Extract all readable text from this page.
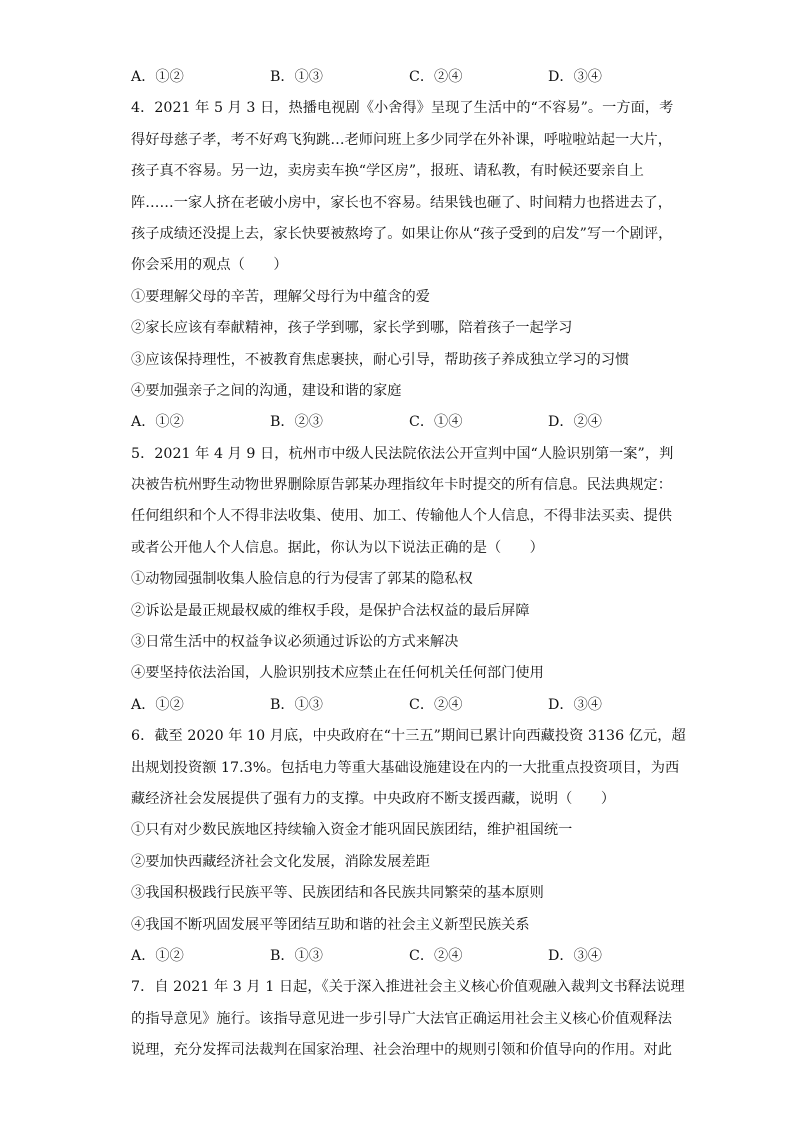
A．①②	B．①③	C．②④	D．③④
4．2021 年 5 月 3 日，热播电视剧《小舍得》呈现了生活中的“不容易”。一方面，考
得好母慈子孝，考不好鸡飞狗跳…老师问班上多少同学在外补课，呼啦啦站起一大片，
孩子真不容易。另一边，卖房卖车换“学区房”，报班、请私教，有时候还要亲自上
阵……一家人挤在老破小房中，家长也不容易。结果钱也砸了、时间精力也搭进去了，
孩子成绩还没提上去，家长快要被熬垮了。如果让你从“孩子受到的启发”写一个剧评，
你会采用的观点（　　）
①要理解父母的辛苦，理解父母行为中蕴含的爱
②家长应该有奉献精神，孩子学到哪，家长学到哪，陪着孩子一起学习
③应该保持理性，不被教育焦虑裹挟，耐心引导，帮助孩子养成独立学习的习惯
④要加强亲子之间的沟通，建设和谐的家庭
A．①②	B．②③	C．①④	D．②④
5．2021 年 4 月 9 日，杭州市中级人民法院依法公开宣判中国“人脸识别第一案”，判
决被告杭州野生动物世界删除原告郭某办理指纹年卡时提交的所有信息。民法典规定：
任何组织和个人不得非法收集、使用、加工、传输他人个人信息，不得非法买卖、提供
或者公开他人个人信息。据此，你认为以下说法正确的是（　　）
①动物园强制收集人脸信息的行为侵害了郭某的隐私权
②诉讼是最正规最权威的维权手段，是保护合法权益的最后屏障
③日常生活中的权益争议必须通过诉讼的方式来解决
④要坚持依法治国，人脸识别技术应禁止在任何机关任何部门使用
A．①②	B．①③	C．②④	D．③④
6．截至 2020 年 10 月底，中央政府在“十三五”期间已累计向西藏投资 3136 亿元，超
出规划投资额 17.3%。包括电力等重大基础设施建设在内的一大批重点投资项目，为西
藏经济社会发展提供了强有力的支撑。中央政府不断支援西藏，说明（　　）
①只有对少数民族地区持续输入资金才能巩固民族团结，维护祖国统一
②要加快西藏经济社会文化发展，消除发展差距
③我国积极践行民族平等、民族团结和各民族共同繁荣的基本原则
④我国不断巩固发展平等团结互助和谐的社会主义新型民族关系
A．①②	B．①③	C．②④	D．③④
7．自 2021 年 3 月 1 日起，《关于深入推进社会主义核心价值观融入裁判文书释法说理
的指导意见》施行。该指导意见进一步引导广大法官正确运用社会主义核心价值观释法
说理，充分发挥司法裁判在国家治理、社会治理中的规则引领和价值导向的作用。对此
